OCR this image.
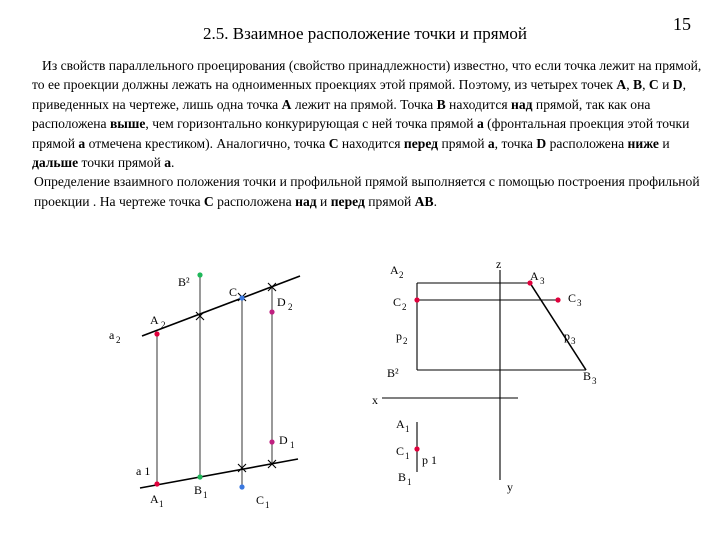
15
2.5. Взаимное расположение точки и прямой

Из свойств параллельного проецирования (свойство принадлежности) известно, что если точка лежит на прямой, то ее проекции должны лежать на одноименных проекциях этой прямой. Поэтому, из четырех точек А, В, С и D, приведенных на чертеже, лишь одна точка А лежит на прямой. Точка В находится над прямой, так как она расположена выше, чем горизонтально конкурирующая с ней точка прямой а (фронтальная проекция этой точки прямой а отмечена крестиком). Аналогично, точка С находится перед прямой а, точка D расположена ниже и дальше точки прямой а.

Определение взаимного положения точки и профильной прямой выполняется с помощью построения профильной проекции . На чертеже точка С расположена над и перед прямой АВ.

B²
C
D 2
A 2
a 2
D 1
a 1
A 1
B 1	C 1
A 2
z
A 3
C 2
C 3
p 2	p 3
B²	B 3
x
A 1
C 1 p 1
B 1	y
